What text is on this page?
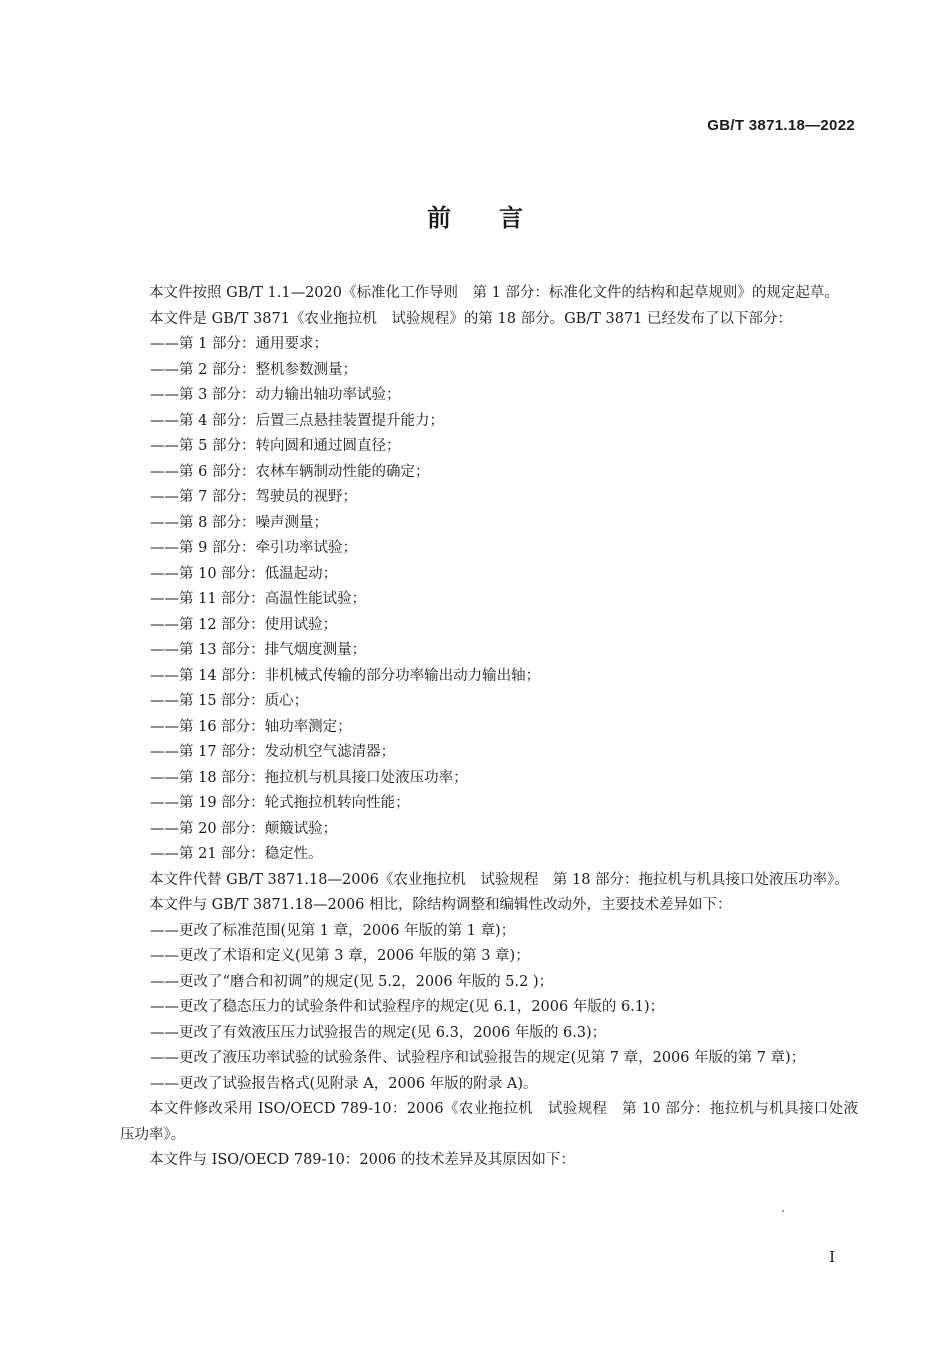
GB/T 3871.18—2022
前言

本文件按照 GB/T 1.1—2020《标准化工作导则　第 1 部分：标准化文件的结构和起草规则》的规定起草。

本文件是 GB/T 3871《农业拖拉机　试验规程》的第 18 部分。GB/T 3871 已经发布了以下部分：

——第 1 部分：通用要求；

——第 2 部分：整机参数测量；

——第 3 部分：动力输出轴功率试验；

——第 4 部分：后置三点悬挂装置提升能力；

——第 5 部分：转向圆和通过圆直径；

——第 6 部分：农林车辆制动性能的确定；

——第 7 部分：驾驶员的视野；

——第 8 部分：噪声测量；

——第 9 部分：牵引功率试验；

——第 10 部分：低温起动；

——第 11 部分：高温性能试验；

——第 12 部分：使用试验；

——第 13 部分：排气烟度测量；

——第 14 部分：非机械式传输的部分功率输出动力输出轴；

——第 15 部分：质心；

——第 16 部分：轴功率测定；

——第 17 部分：发动机空气滤清器；

——第 18 部分：拖拉机与机具接口处液压功率；

——第 19 部分：轮式拖拉机转向性能；

——第 20 部分：颠簸试验；

——第 21 部分：稳定性。

本文件代替 GB/T 3871.18—2006《农业拖拉机　试验规程　第 18 部分：拖拉机与机具接口处液压功率》。

本文件与 GB/T 3871.18—2006 相比，除结构调整和编辑性改动外，主要技术差异如下：

——更改了标准范围(见第 1 章，2006 年版的第 1 章)；

——更改了术语和定义(见第 3 章，2006 年版的第 3 章)；

——更改了“磨合和初调”的规定(见 5.2，2006 年版的 5.2 )；

——更改了稳态压力的试验条件和试验程序的规定(见 6.1，2006 年版的 6.1)；

——更改了有效液压压力试验报告的规定(见 6.3，2006 年版的 6.3)；

——更改了液压功率试验的试验条件、试验程序和试验报告的规定(见第 7 章，2006 年版的第 7 章)；

——更改了试验报告格式(见附录 A，2006 年版的附录 A)。

本文件修改采用 ISO/OECD 789-10：2006《农业拖拉机　试验规程　第 10 部分：拖拉机与机具接口处液压功率》。

本文件与 ISO/OECD 789-10：2006 的技术差异及其原因如下：

I
